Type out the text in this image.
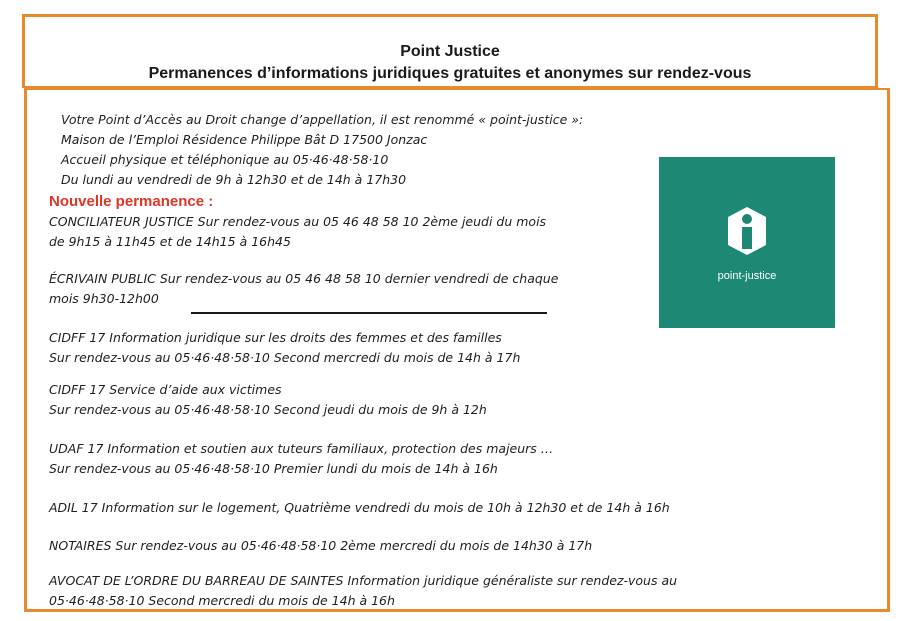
Point Justice
Permanences d’informations juridiques gratuites et anonymes sur rendez-vous
Votre Point d’Accès au Droit change d’appellation, il est renommé « point-justice »:
Maison de l’Emploi Résidence Philippe Bât D 17500 Jonzac
Accueil physique et téléphonique au 05·46·48·58·10
Du lundi au vendredi de 9h à 12h30 et de 14h à 17h30
Nouvelle permanence :
CONCILIATEUR JUSTICE Sur rendez-vous au 05 46 48 58 10 2ème jeudi du mois
de 9h15 à 11h45 et de 14h15 à 16h45
ÉCRIVAIN PUBLIC Sur rendez-vous au 05 46 48 58 10 dernier vendredi de chaque
mois 9h30-12h00
CIDFF 17 Information juridique sur les droits des femmes et des familles
Sur rendez-vous au 05·46·48·58·10 Second mercredi du mois de 14h à 17h
CIDFF 17 Service d’aide aux victimes
Sur rendez-vous au 05·46·48·58·10 Second jeudi du mois de 9h à 12h
UDAF 17 Information et soutien aux tuteurs familiaux, protection des majeurs …
Sur rendez-vous au 05·46·48·58·10 Premier lundi du mois de 14h à 16h
ADIL 17 Information sur le logement, Quatrième vendredi du mois de 10h à 12h30 et de 14h à 16h
NOTAIRES Sur rendez-vous au 05·46·48·58·10 2ème mercredi du mois de 14h30 à 17h
AVOCAT DE L’ORDRE DU BARREAU DE SAINTES Information juridique généraliste sur rendez-vous au
05·46·48·58·10 Second mercredi du mois de 14h à 16h
point-justice
